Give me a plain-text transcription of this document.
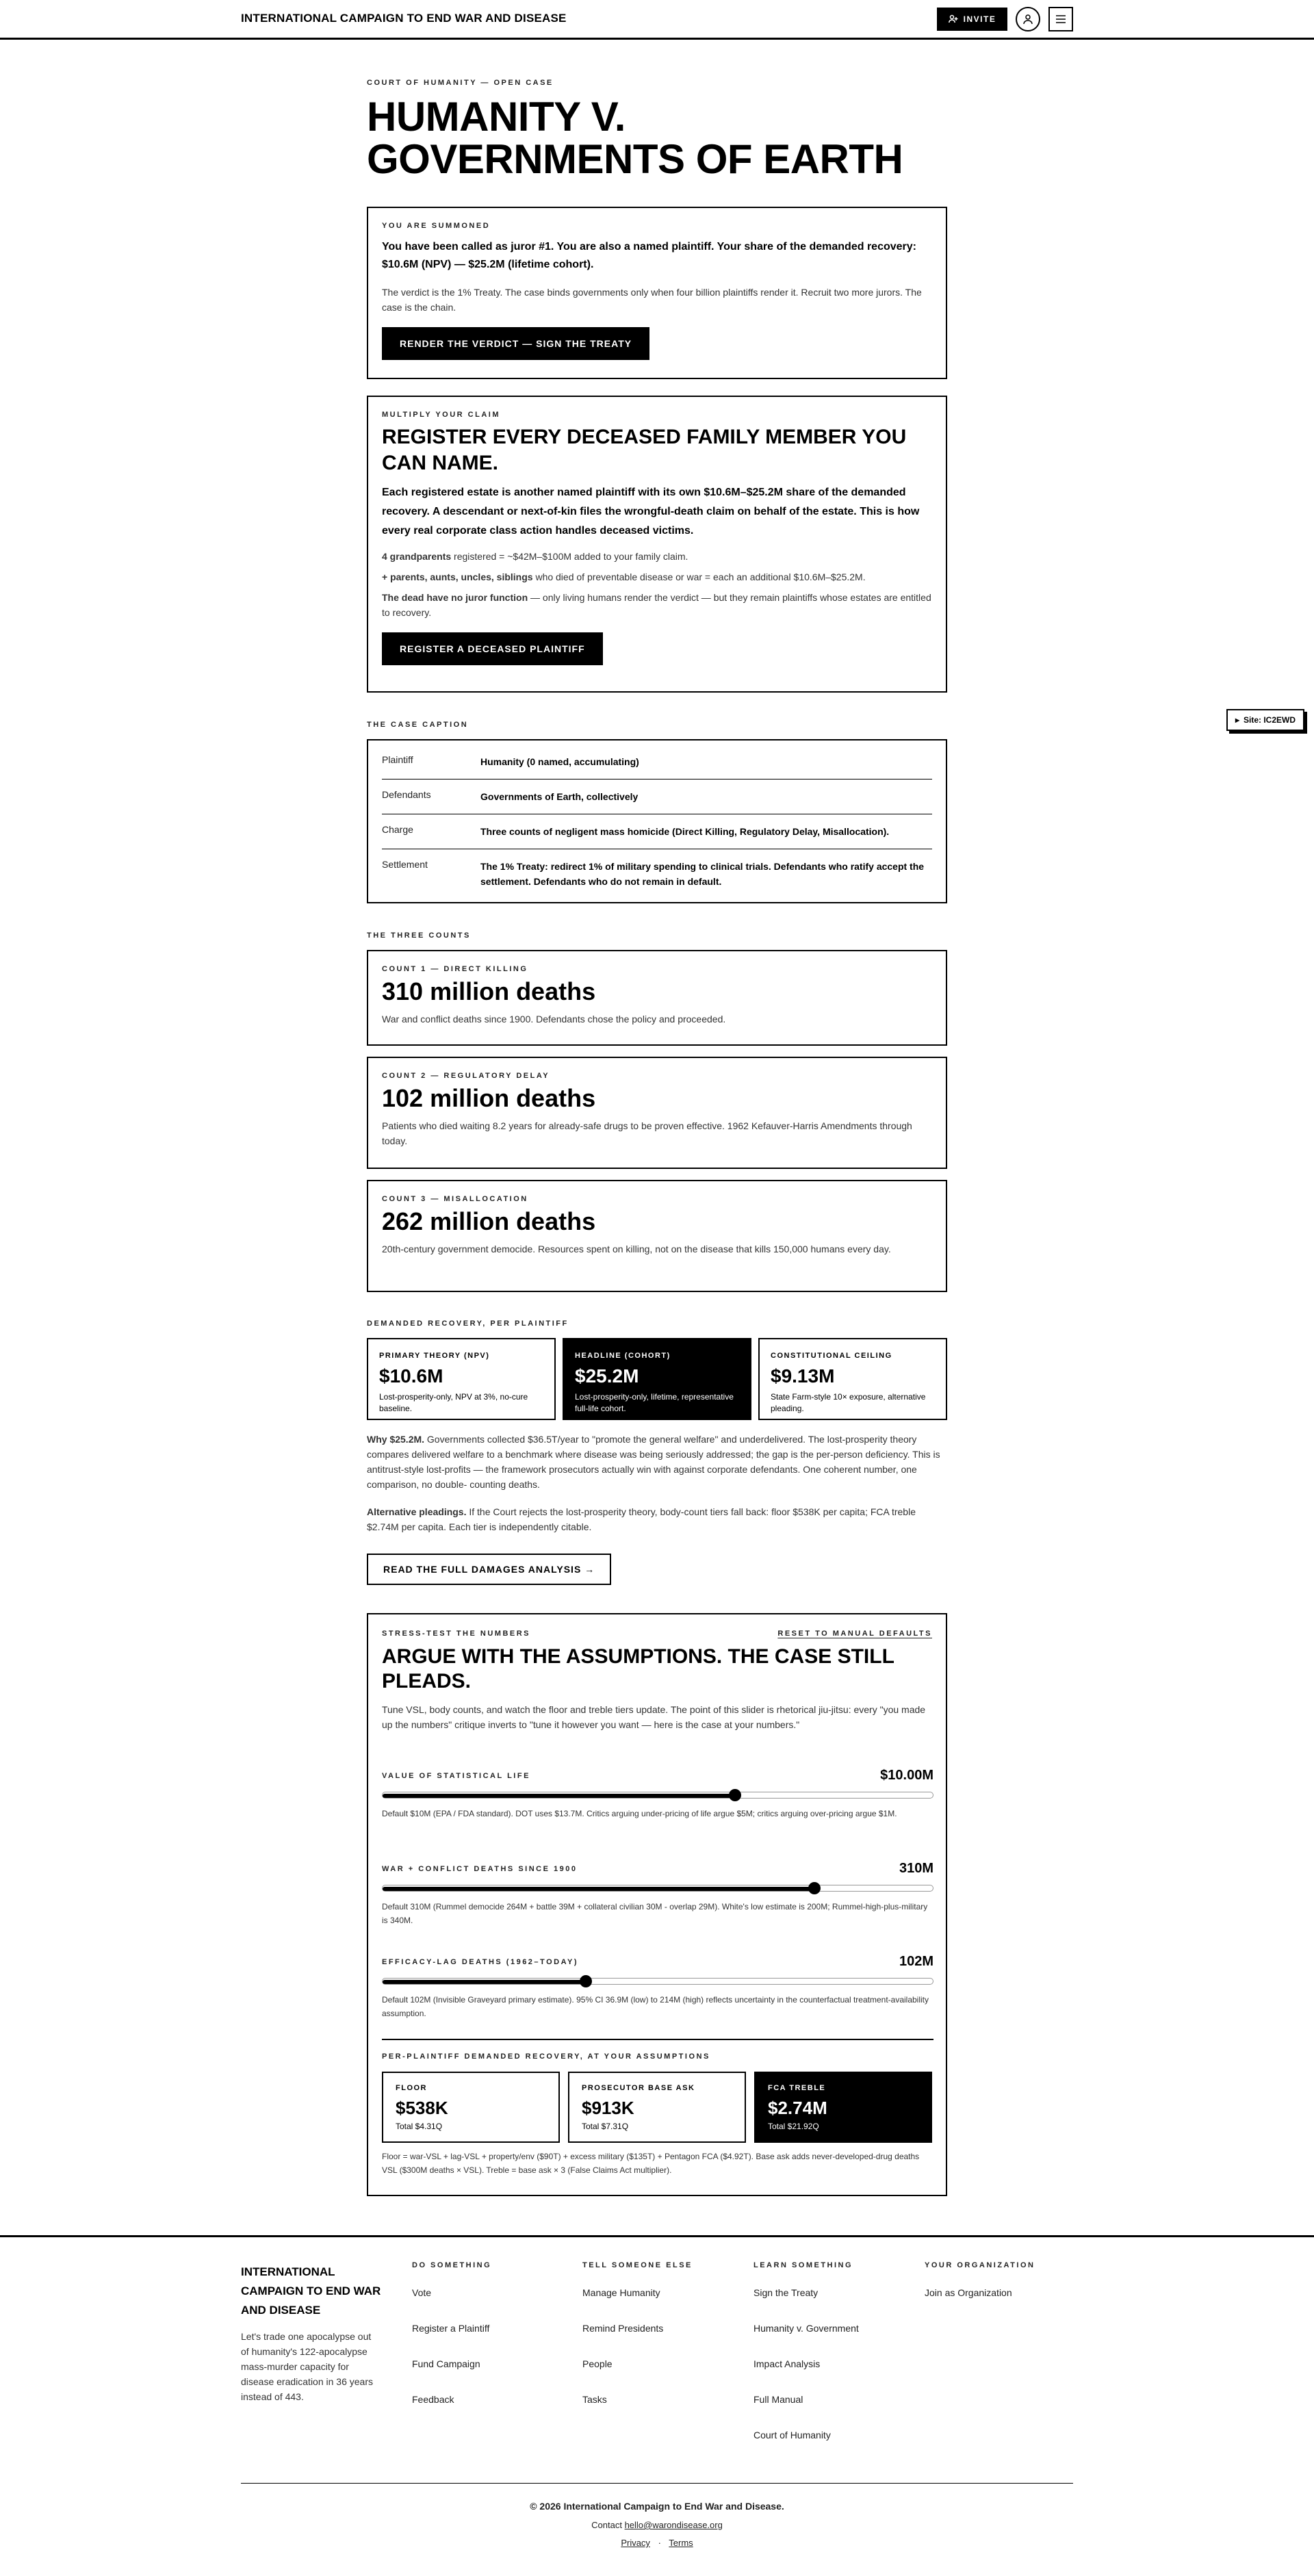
INTERNATIONAL CAMPAIGN TO END WAR AND DISEASE	INVITE
▸ Site: IC2EWD
COURT OF HUMANITY — OPEN CASE
HUMANITY V.
GOVERNMENTS OF EARTH
YOU ARE SUMMONED
You have been called as juror #1. You are also a named plaintiff. Your share of the demanded recovery: $10.6M (NPV) — $25.2M (lifetime cohort).
The verdict is the 1% Treaty. The case binds governments only when four billion plaintiffs render it. Recruit two more jurors. The case is the chain.
RENDER THE VERDICT — SIGN THE TREATY
MULTIPLY YOUR CLAIM
REGISTER EVERY DECEASED FAMILY MEMBER YOU CAN NAME.
Each registered estate is another named plaintiff with its own $10.6M–$25.2M share of the demanded recovery. A descendant or next-of-kin files the wrongful-death claim on behalf of the estate. This is how every real corporate class action handles deceased victims.
4 grandparents registered = ~$42M–$100M added to your family claim.
+ parents, aunts, uncles, siblings who died of preventable disease or war = each an additional $10.6M–$25.2M.
The dead have no juror function — only living humans render the verdict — but they remain plaintiffs whose estates are entitled to recovery.
REGISTER A DECEASED PLAINTIFF
THE CASE CAPTION
Plaintiff	Humanity (0 named, accumulating)
Defendants	Governments of Earth, collectively
Charge	Three counts of negligent mass homicide (Direct Killing, Regulatory Delay, Misallocation).
Settlement	The 1% Treaty: redirect 1% of military spending to clinical trials. Defendants who ratify accept the settlement. Defendants who do not remain in default.
THE THREE COUNTS
COUNT 1 — DIRECT KILLING
310 million deaths
War and conflict deaths since 1900. Defendants chose the policy and proceeded.
COUNT 2 — REGULATORY DELAY
102 million deaths
Patients who died waiting 8.2 years for already-safe drugs to be proven effective. 1962 Kefauver-Harris Amendments through today.
COUNT 3 — MISALLOCATION
262 million deaths
20th-century government democide. Resources spent on killing, not on the disease that kills 150,000 humans every day.
DEMANDED RECOVERY, PER PLAINTIFF
PRIMARY THEORY (NPV)
$10.6M
Lost-prosperity-only, NPV at 3%, no-cure baseline.
HEADLINE (COHORT)
$25.2M
Lost-prosperity-only, lifetime, representative full-life cohort.
CONSTITUTIONAL CEILING
$9.13M
State Farm-style 10× exposure, alternative pleading.
Why $25.2M. Governments collected $36.5T/year to "promote the general welfare" and underdelivered. The lost-prosperity theory compares delivered welfare to a benchmark where disease was being seriously addressed; the gap is the per-person deficiency. This is antitrust-style lost-profits — the framework prosecutors actually win with against corporate defendants. One coherent number, one comparison, no double- counting deaths.
Alternative pleadings. If the Court rejects the lost-prosperity theory, body-count tiers fall back: floor $538K per capita; FCA treble $2.74M per capita. Each tier is independently citable.
READ THE FULL DAMAGES ANALYSIS →
STRESS-TEST THE NUMBERS	RESET TO MANUAL DEFAULTS
ARGUE WITH THE ASSUMPTIONS. THE CASE STILL PLEADS.
Tune VSL, body counts, and watch the floor and treble tiers update. The point of this slider is rhetorical jiu-jitsu: every "you made up the numbers" critique inverts to "tune it however you want — here is the case at your numbers."
VALUE OF STATISTICAL LIFE	$10.00M
Default $10M (EPA / FDA standard). DOT uses $13.7M. Critics arguing under-pricing of life argue $5M; critics arguing over-pricing argue $1M.
WAR + CONFLICT DEATHS SINCE 1900	310M
Default 310M (Rummel democide 264M + battle 39M + collateral civilian 30M - overlap 29M). White's low estimate is 200M; Rummel-high-plus-military is 340M.
EFFICACY-LAG DEATHS (1962–TODAY)	102M
Default 102M (Invisible Graveyard primary estimate). 95% CI 36.9M (low) to 214M (high) reflects uncertainty in the counterfactual treatment-availability assumption.
PER-PLAINTIFF DEMANDED RECOVERY, AT YOUR ASSUMPTIONS
FLOOR
$538K
Total $4.31Q
PROSECUTOR BASE ASK
$913K
Total $7.31Q
FCA TREBLE
$2.74M
Total $21.92Q
Floor = war-VSL + lag-VSL + property/env ($90T) + excess military ($135T) + Pentagon FCA ($4.92T). Base ask adds never-developed-drug deaths VSL ($300M deaths × VSL). Treble = base ask × 3 (False Claims Act multiplier).
INTERNATIONAL CAMPAIGN TO END WAR AND DISEASE
Let's trade one apocalypse out of humanity's 122-apocalypse mass-murder capacity for disease eradication in 36 years instead of 443.
DO SOMETHING
Vote
Register a Plaintiff
Fund Campaign
Feedback
TELL SOMEONE ELSE
Manage Humanity
Remind Presidents
People
Tasks
LEARN SOMETHING
Sign the Treaty
Humanity v. Government
Impact Analysis
Full Manual
Court of Humanity
YOUR ORGANIZATION
Join as Organization
© 2026 International Campaign to End War and Disease.
Contact hello@warondisease.org
Privacy · Terms
